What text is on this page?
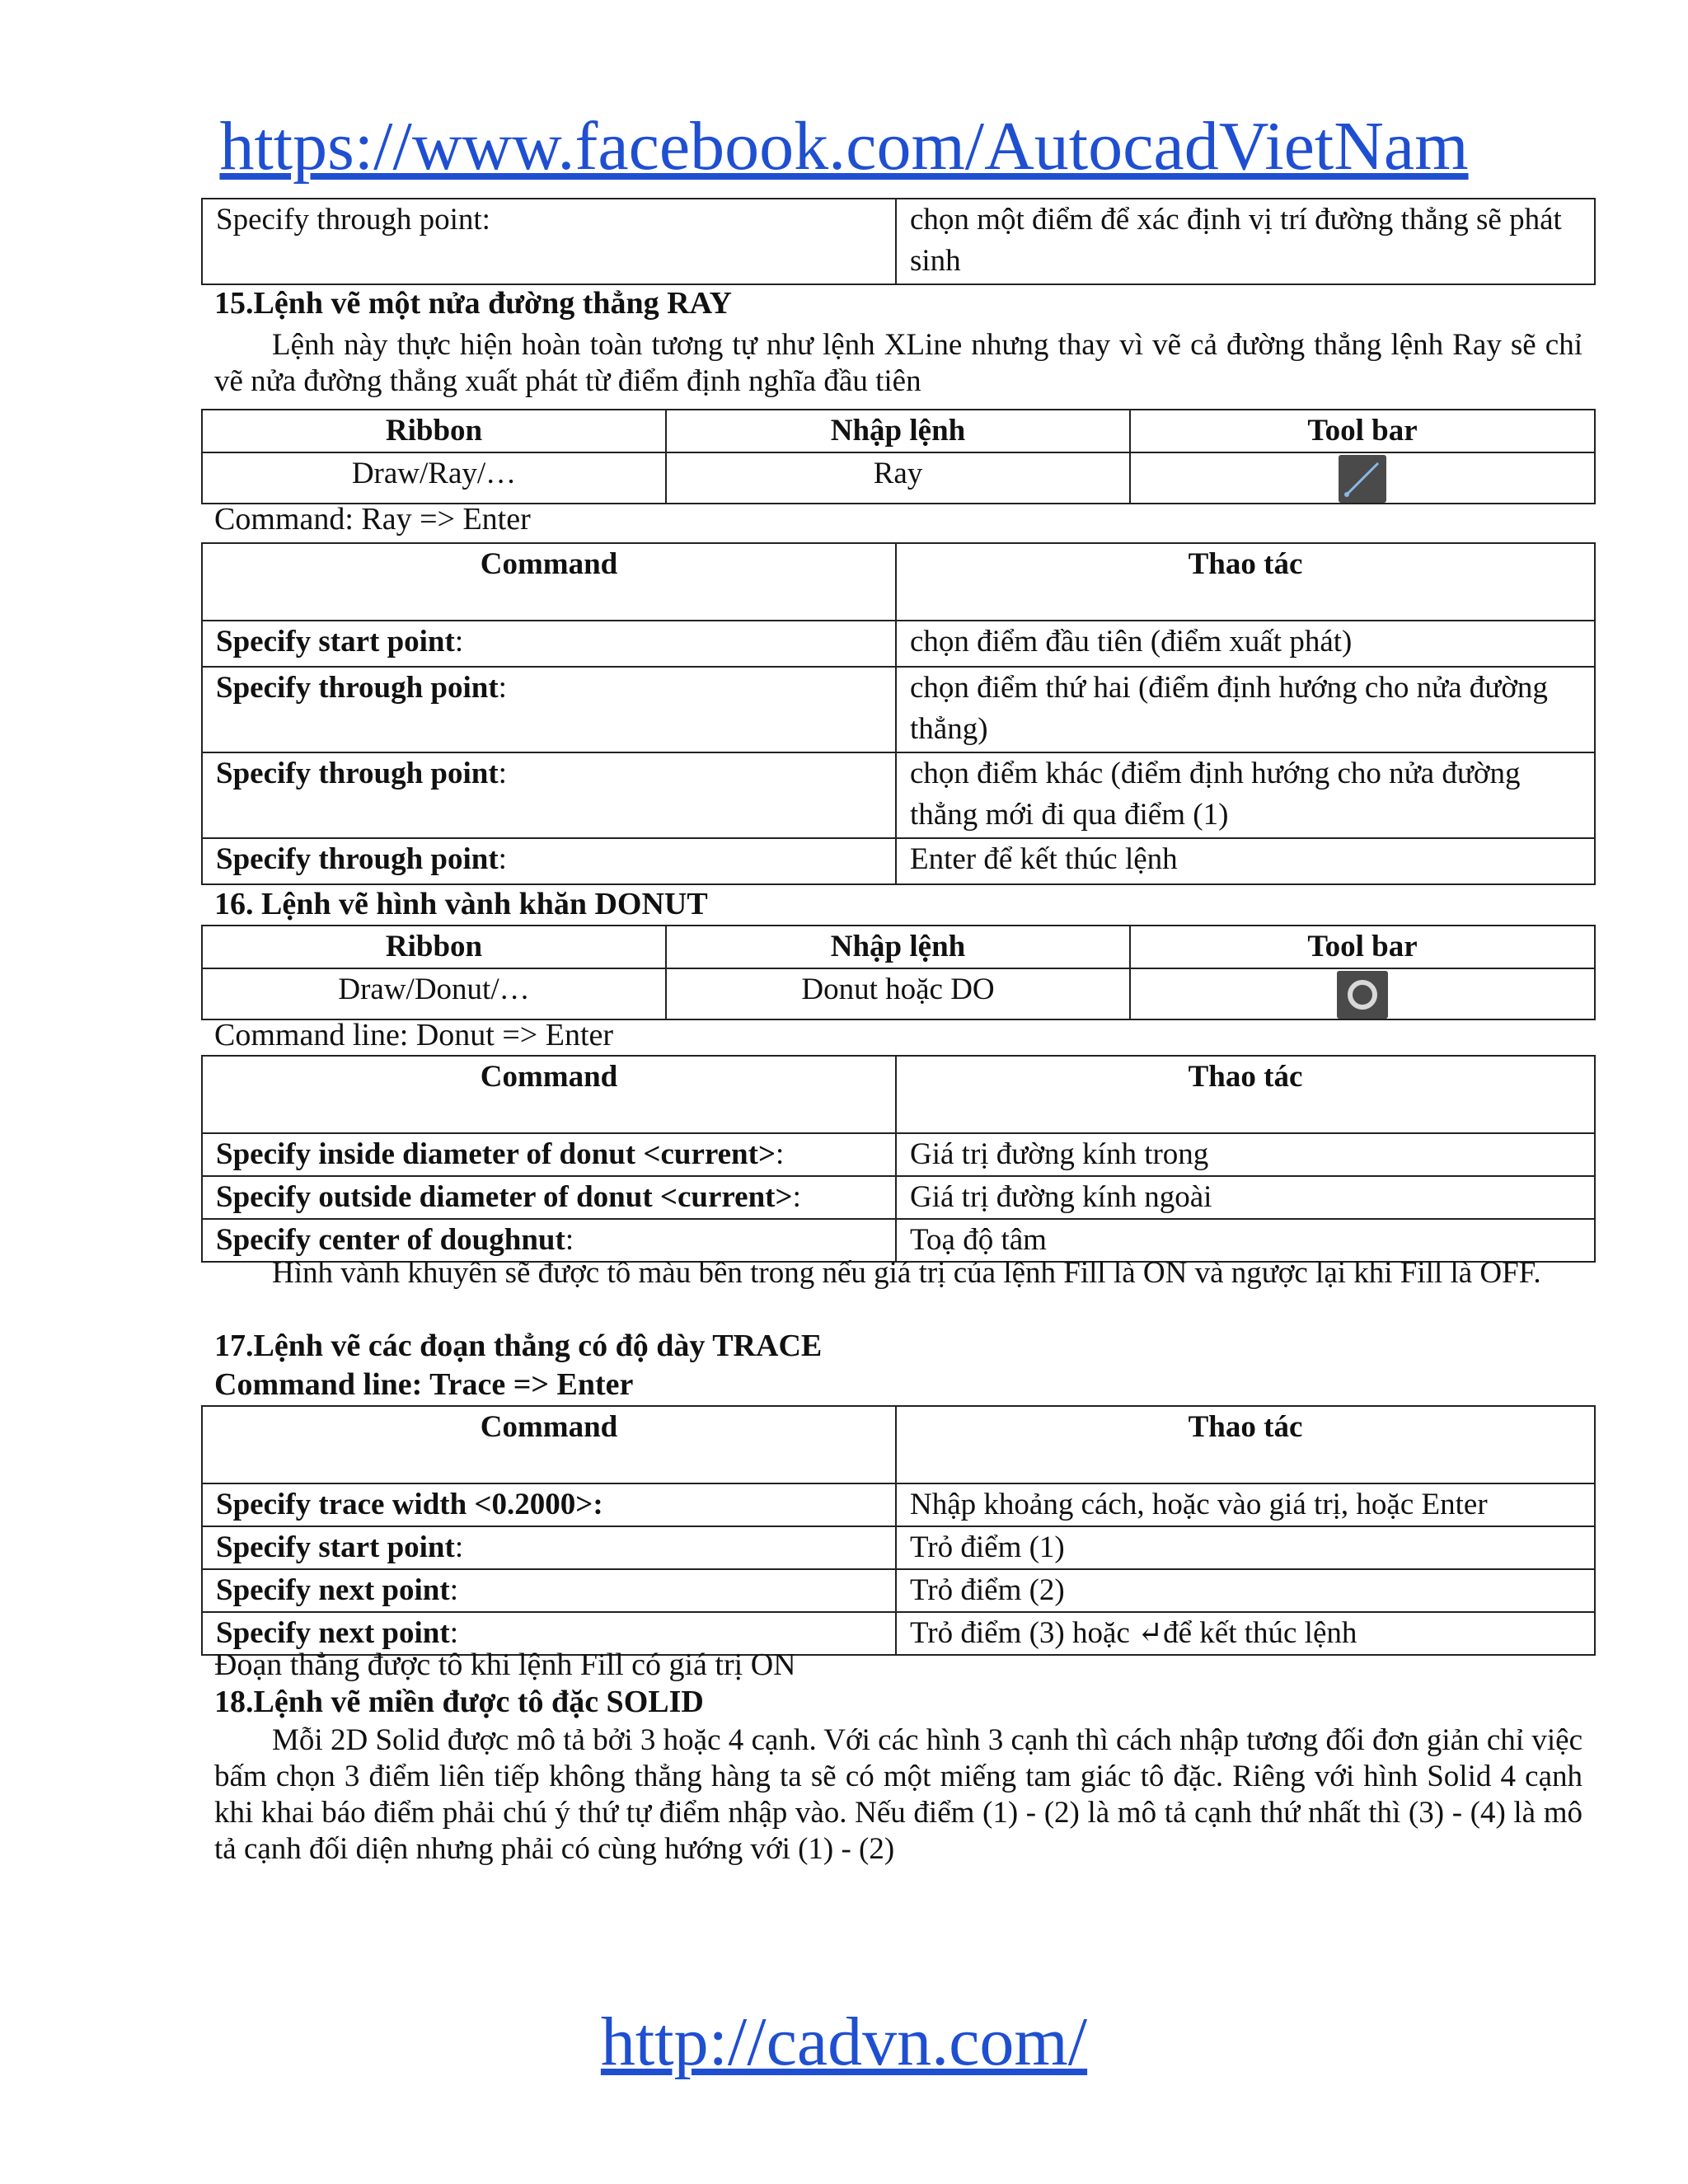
https://www.facebook.com/AutocadVietNam
Specify through point:	chọn một điểm để xác định vị trí đường thẳng sẽ phát sinh

15.Lệnh vẽ một nửa đường thẳng RAY

Lệnh này thực hiện hoàn toàn tương tự như lệnh XLine nhưng thay vì vẽ cả đường thẳng lệnh Ray sẽ chỉ vẽ nửa đường thẳng xuất phát từ điểm định nghĩa đầu tiên

Ribbon	Nhập lệnh	Tool bar
Draw/Ray/…	Ray	

Command: Ray => Enter

Command	Thao tác
Specify start point:	chọn điểm đầu tiên (điểm xuất phát)
Specify through point:	chọn điểm thứ hai (điểm định hướng cho nửa đường thẳng)
Specify through point:	chọn điểm khác (điểm định hướng cho nửa đường thẳng mới đi qua điểm (1)
Specify through point:	Enter để kết thúc lệnh

16. Lệnh vẽ hình vành khăn DONUT

Ribbon	Nhập lệnh	Tool bar
Draw/Donut/…	Donut hoặc DO	

Command line: Donut => Enter

Command	Thao tác
Specify inside diameter of donut <current>:	Giá trị đường kính trong
Specify outside diameter of donut <current>:	Giá trị đường kính ngoài
Specify center of doughnut:	Toạ độ tâm

Hình vành khuyên sẽ được tô màu bên trong nếu giá trị của lệnh Fill là ON và ngược lại khi Fill là OFF.

17.Lệnh vẽ các đoạn thẳng có độ dày TRACE

Command line: Trace => Enter

Command	Thao tác
Specify trace width <0.2000>:	Nhập khoảng cách, hoặc vào giá trị, hoặc Enter
Specify start point:	Trỏ điểm (1)
Specify next point:	Trỏ điểm (2)
Specify next point:	Trỏ điểm (3) hoặc ↵để kết thúc lệnh

Đoạn thẳng được tô khi lệnh Fill có giá trị ON

18.Lệnh vẽ miền được tô đặc SOLID

Mỗi 2D Solid được mô tả bởi 3 hoặc 4 cạnh. Với các hình 3 cạnh thì cách nhập tương đối đơn giản chỉ việc bấm chọn 3 điểm liên tiếp không thẳng hàng ta sẽ có một miếng tam giác tô đặc. Riêng với hình Solid 4 cạnh khi khai báo điểm phải chú ý thứ tự điểm nhập vào. Nếu điểm (1) - (2) là mô tả cạnh thứ nhất thì (3) - (4) là mô tả cạnh đối diện nhưng phải có cùng hướng với (1) - (2)

http://cadvn.com/
